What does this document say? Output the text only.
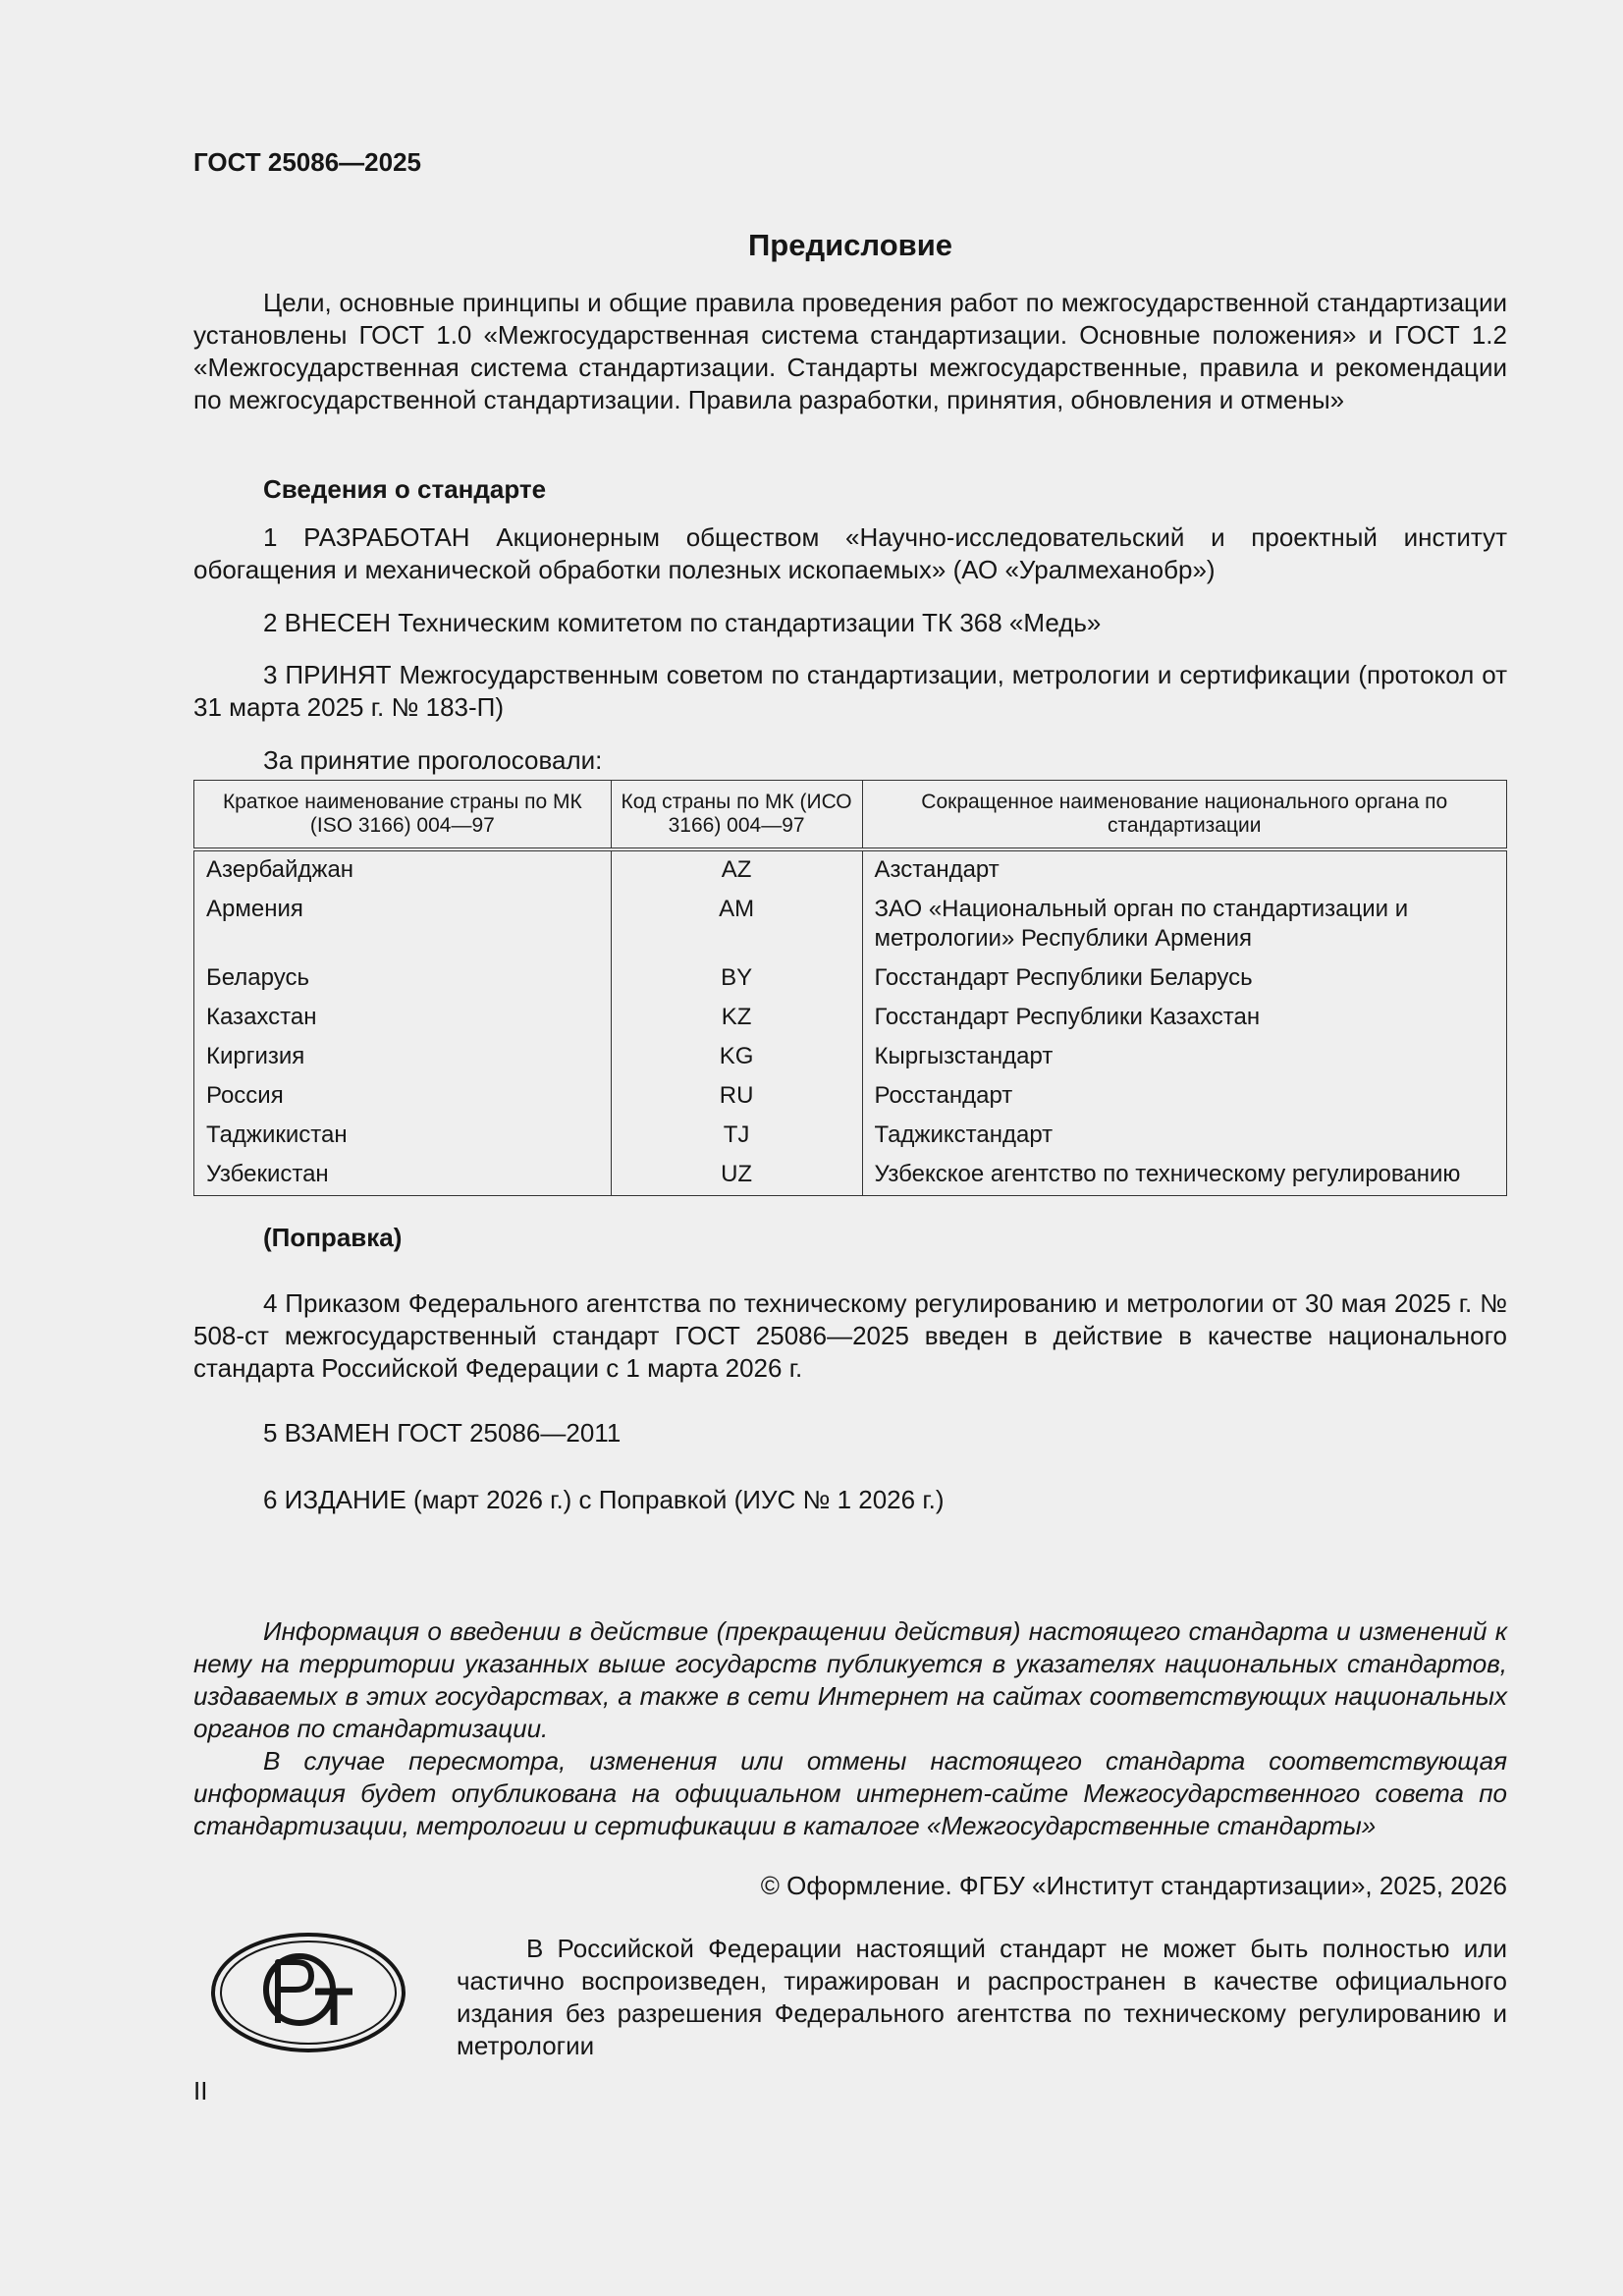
ГОСТ 25086—2025
Предисловие
Цели, основные принципы и общие правила проведения работ по межгосударственной стандартизации установлены ГОСТ 1.0 «Межгосударственная система стандартизации. Основные положения» и ГОСТ 1.2 «Межгосударственная система стандартизации. Стандарты межгосударственные, правила и рекомендации по межгосударственной стандартизации. Правила разработки, принятия, обновления и отмены»
Сведения о стандарте
1 РАЗРАБОТАН Акционерным обществом «Научно-исследовательский и проектный институт обогащения и механической обработки полезных ископаемых» (АО «Уралмеханобр»)
2 ВНЕСЕН Техническим комитетом по стандартизации ТК 368 «Медь»
3 ПРИНЯТ Межгосударственным советом по стандартизации, метрологии и сертификации (протокол от 31 марта 2025 г. № 183-П)
За принятие проголосовали:
Краткое наименование страны по МК (ISO 3166) 004—97	Код страны по МК (ИСО 3166) 004—97	Сокращенное наименование национального органа по стандартизации
Азербайджан	AZ	Азстандарт
Армения	AM	ЗАО «Национальный орган по стандартизации и метрологии» Республики Армения
Беларусь	BY	Госстандарт Республики Беларусь
Казахстан	KZ	Госстандарт Республики Казахстан
Киргизия	KG	Кыргызстандарт
Россия	RU	Росстандарт
Таджикистан	TJ	Таджикстандарт
Узбекистан	UZ	Узбекское агентство по техническому регулированию
(Поправка)
4 Приказом Федерального агентства по техническому регулированию и метрологии от 30 мая 2025 г. № 508-ст межгосударственный стандарт ГОСТ 25086—2025 введен в действие в качестве национального стандарта Российской Федерации с 1 марта 2026 г.
5 ВЗАМЕН ГОСТ 25086—2011
6 ИЗДАНИЕ (март 2026 г.) с Поправкой (ИУС № 1 2026 г.)
Информация о введении в действие (прекращении действия) настоящего стандарта и изменений к нему на территории указанных выше государств публикуется в указателях национальных стандартов, издаваемых в этих государствах, а также в сети Интернет на сайтах соответствующих национальных органов по стандартизации.
В случае пересмотра, изменения или отмены настоящего стандарта соответствующая информация будет опубликована на официальном интернет-сайте Межгосударственного совета по стандартизации, метрологии и сертификации в каталоге «Межгосударственные стандарты»
© Оформление. ФГБУ «Институт стандартизации», 2025, 2026
В Российской Федерации настоящий стандарт не может быть полностью или частично воспроизведен, тиражирован и распространен в качестве официального издания без разрешения Федерального агентства по техническому регулированию и метрологии
II
